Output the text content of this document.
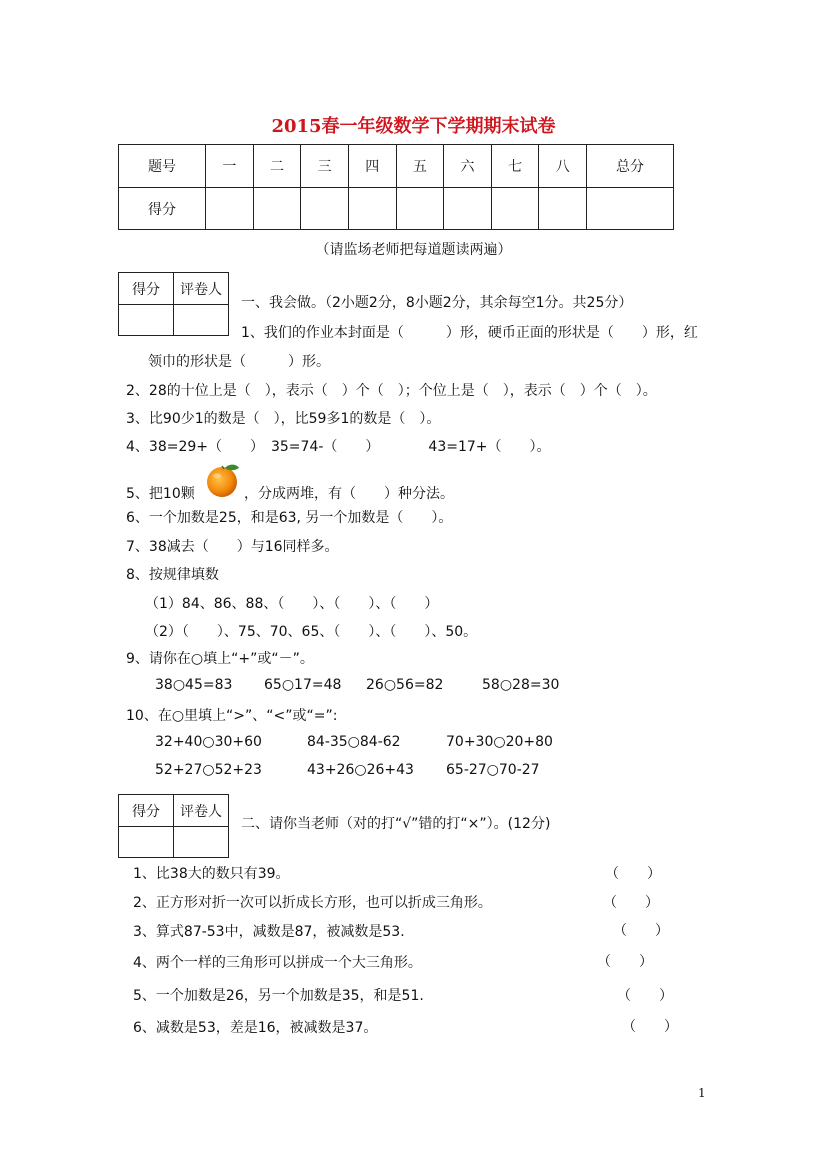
2015春一年级数学下学期期末试卷
题号	一	二	三	四	五	六	七	八	总分
得分									
（请监场老师把每道题读两遍）
得分	评卷人

一、我会做。（2小题2分，8小题2分，其余每空1分。共25分）
1、我们的作业本封面是（　　　）形，硬币正面的形状是（　　）形，红
领巾的形状是（　　　）形。
2、28的十位上是（　），表示（　）个（　）；个位上是（　），表示（　）个（　）。
3、比90少1的数是（　），比59多1的数是（　）。
4、38=29+（　　）　35=74-（　　）　　　　43=17+（　　）。
5、把10颗	，分成两堆，有（　　）种分法。
6、一个加数是25，和是63, 另一个加数是（　　）。
7、38减去（　　）与16同样多。
8、按规律填数
（1）84、86、88、（　　）、（　　）、（　　）
（2）（　　）、75、70、65、（　　）、（　　）、50。
9、请你在○填上“+”或“－”。
38○45=83 65○17=48 26○56=82	58○28=30
10、在○里填上“>”、“<”或“=”:
32+40○30+60	84-35○84-62	70+30○20+80
52+27○52+23	43+26○26+43 65-27○70-27
得分	评卷人

二、请你当老师（对的打“√”错的打“×”）。(12分)
1、比38大的数只有39。	（　　）
2、正方形对折一次可以折成长方形，也可以折成三角形。	（　　）
3、算式87-53中，减数是87，被减数是53.	（　　）
4、两个一样的三角形可以拼成一个大三角形。	（　　）
5、一个加数是26，另一个加数是35，和是51.	（　　）
6、减数是53，差是16，被减数是37。	（　　）
1
